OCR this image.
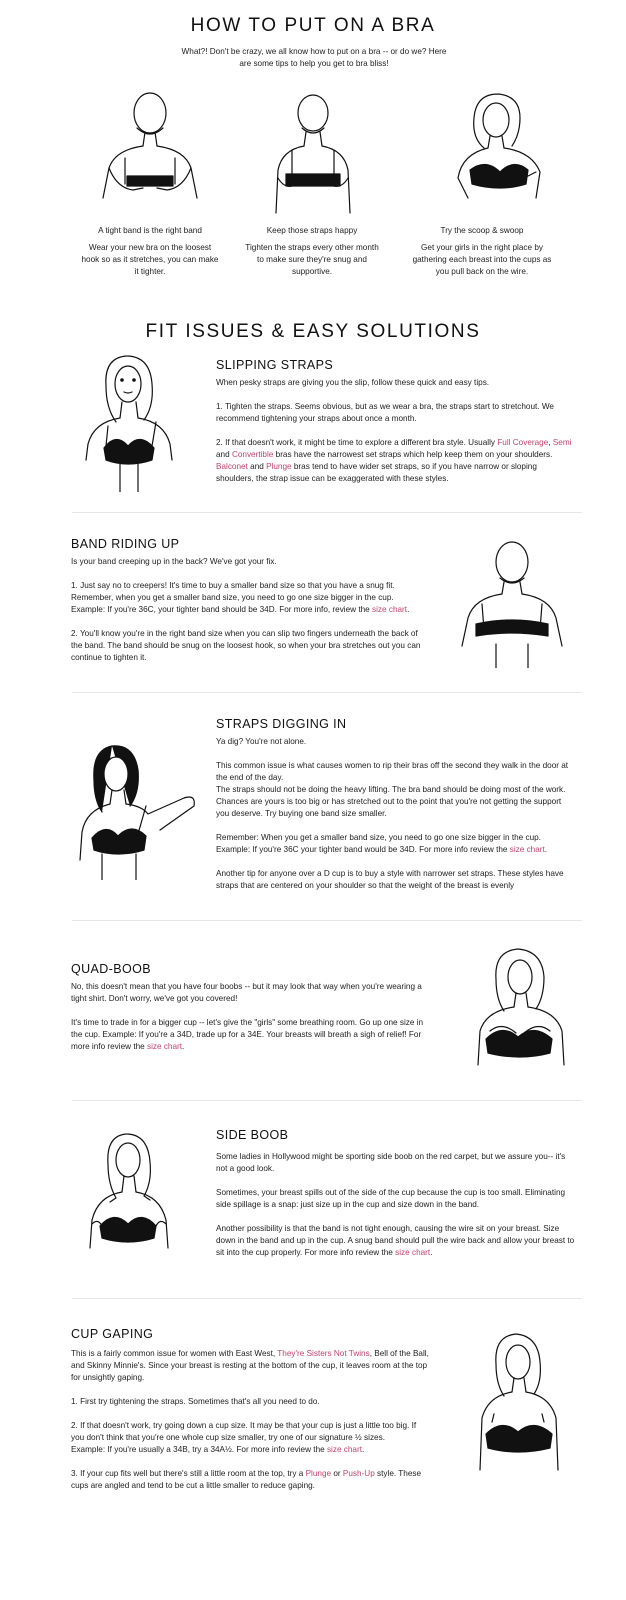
HOW TO PUT ON A BRA
What?! Don't be crazy, we all know how to put on a bra -- or do we? Here are some tips to help you get to bra bliss!
A tight band is the right band
Wear your new bra on the loosest hook so as it stretches, you can make it tighter.
Keep those straps happy
Tighten the straps every other month to make sure they're snug and supportive.
Try the scoop & swoop
Get your girls in the right place by gathering each breast into the cups as you pull back on the wire.
FIT ISSUES & EASY SOLUTIONS
SLIPPING STRAPS

When pesky straps are giving you the slip, follow these quick and easy tips.

1. Tighten the straps. Seems obvious, but as we wear a bra, the straps start to stretchout. We recommend tightening your straps about once a month.

2. If that doesn't work, it might be time to explore a different bra style. Usually Full Coverage, Semi and Convertible bras have the narrowest set straps which help keep them on your shoulders. Balconet and Plunge bras tend to have wider set straps, so if you have narrow or sloping shoulders, the strap issue can be exaggerated with these styles.

BAND RIDING UP

Is your band creeping up in the back? We've got your fix.

1. Just say no to creepers! It's time to buy a smaller band size so that you have a snug fit. Remember, when you get a smaller band size, you need to go one size bigger in the cup. Example: If you're 36C, your tighter band should be 34D. For more info, review the size chart.

2. You'll know you're in the right band size when you can slip two fingers underneath the back of the band. The band should be snug on the loosest hook, so when your bra stretches out you can continue to tighten it.

STRAPS DIGGING IN

Ya dig? You're not alone.

This common issue is what causes women to rip their bras off the second they walk in the door at the end of the day.

The straps should not be doing the heavy lifting. The bra band should be doing most of the work. Chances are yours is too big or has stretched out to the point that you're not getting the support you deserve. Try buying one band size smaller.

Remember: When you get a smaller band size, you need to go one size bigger in the cup. Example: If you're 36C your tighter band would be 34D. For more info review the size chart.

Another tip for anyone over a D cup is to buy a style with narrower set straps. These styles have straps that are centered on your shoulder so that the weight of the breast is evenly

QUAD-BOOB

No, this doesn't mean that you have four boobs -- but it may look that way when you're wearing a tight shirt. Don't worry, we've got you covered!

It's time to trade in for a bigger cup -- let's give the "girls" some breathing room. Go up one size in the cup. Example: If you're a 34D, trade up for a 34E. Your breasts will breath a sigh of relief! For more info review the size chart.

SIDE BOOB

Some ladies in Hollywood might be sporting side boob on the red carpet, but we assure you-- it's not a good look.

Sometimes, your breast spills out of the side of the cup because the cup is too small. Eliminating side spillage is a snap: just size up in the cup and size down in the band.

Another possibility is that the band is not tight enough, causing the wire sit on your breast. Size down in the band and up in the cup. A snug band should pull the wire back and allow your breast to sit into the cup properly. For more info review the size chart.

CUP GAPING

This is a fairly common issue for women with East West, They're Sisters Not Twins, Bell of the Ball, and Skinny Minnie's. Since your breast is resting at the bottom of the cup, it leaves room at the top for unsightly gaping.

1. First try tightening the straps. Sometimes that's all you need to do.

2. If that doesn't work, try going down a cup size. It may be that your cup is just a little too big. If
you don't think that you're one whole cup size smaller, try one of our signature ½ sizes.
Example: If you're usually a 34B, try a 34A½. For more info review the size chart.

3. If your cup fits well but there's still a little room at the top, try a Plunge or Push-Up style. These cups are angled and tend to be cut a little smaller to reduce gaping.
